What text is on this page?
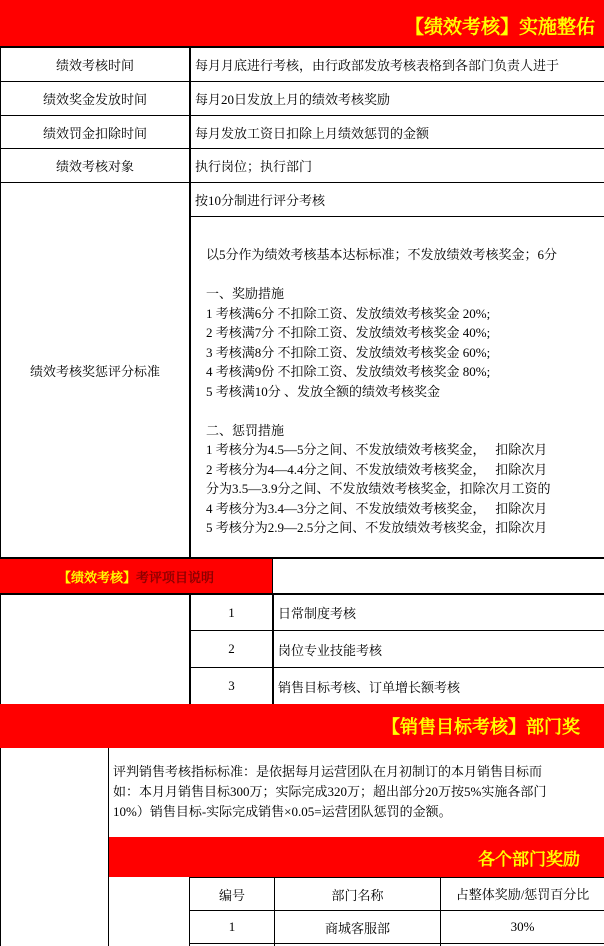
【绩效考核】实施整佑
绩效考核时间	每月月底进行考核，由行政部发放考核表格到各部门负责人进于
绩效奖金发放时间	每月20日发放上月的绩效考核奖励
绩效罚金扣除时间	每月发放工资日扣除上月绩效惩罚的金额
绩效考核对象	执行岗位；执行部门
绩效考核奖惩评分标准
按10分制进行评分考核
以5分作为绩效考核基本达标标准；不发放绩效考核奖金；6分
一、奖励措施
1 考核满6分 不扣除工资、发放绩效考核奖金 20%;
2 考核满7分 不扣除工资、发放绩效考核奖金 40%;
3 考核满8分 不扣除工资、发放绩效考核奖金 60%;
4 考核满9份 不扣除工资、发放绩效考核奖金 80%;
5 考核满10分 、发放全额的绩效考核奖金
二、惩罚措施
1 考核分为4.5—5分之间、不发放绩效考核奖金，   扣除次月
2 考核分为4—4.4分之间、不发放绩效考核奖金，   扣除次月
分为3.5—3.9分之间、不发放绩效考核奖金，扣除次月工资的
4 考核分为3.4—3分之间、不发放绩效考核奖金，   扣除次月
5 考核分为2.9—2.5分之间、不发放绩效考核奖金，扣除次月
【绩效考核】 考评项目说明
1	日常制度考核
2	岗位专业技能考核
3	销售目标考核、订单增长额考核
【销售目标考核】部门奖
评判销售考核指标标准：是依据每月运营团队在月初制订的本月销售目标而
如：本月月销售目标300万；实际完成320万；超出部分20万按5%实施各部门
10%）销售目标-实际完成销售×0.05=运营团队惩罚的金额。
各个部门奖励
编号	部门名称	占整体奖励/惩罚百分比
1	商城客服部	30%
